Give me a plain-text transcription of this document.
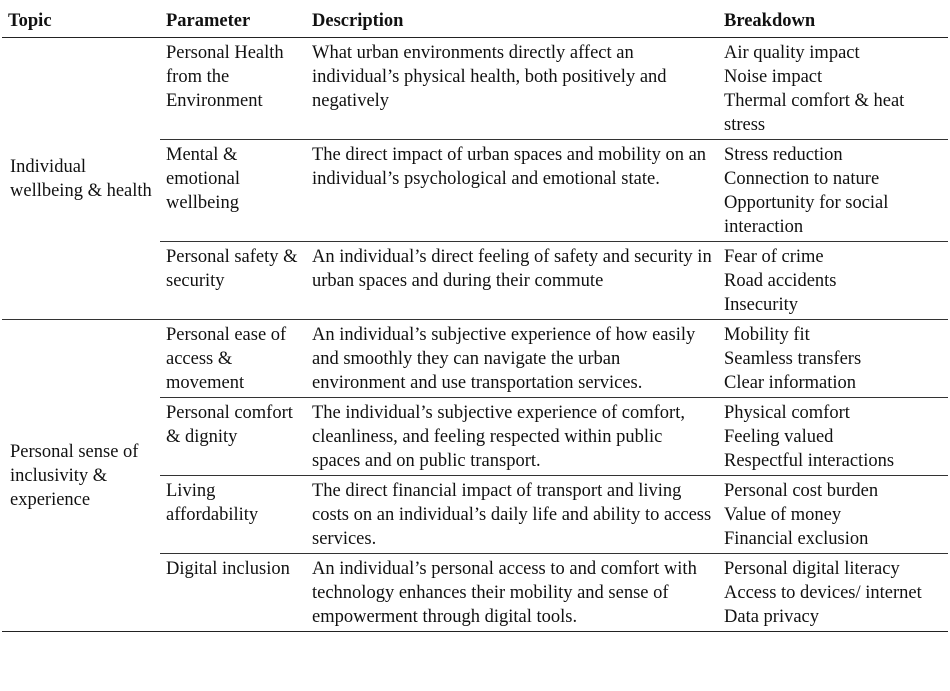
Topic	Parameter	Description	Breakdown
Individual wellbeing & health	Personal Health from the Environment	What urban environments directly affect an individual’s physical health, both positively and negatively	Air quality impact
Noise impact
Thermal comfort & heat stress

	Mental & emotional wellbeing	The direct impact of urban spaces and mobility on an individual’s psychological and emotional state.	Stress reduction
Connection to nature
Opportunity for social interaction

	Personal safety & security	An individual’s direct feeling of safety and security in urban spaces and during their commute	Fear of crime
Road accidents
Insecurity

Personal sense of inclusivity & experience	Personal ease of access & movement	An individual’s subjective experience of how easily and smoothly they can navigate the urban environment and use transportation services.	Mobility fit
Seamless transfers
Clear information

	Personal comfort & dignity	The individual’s subjective experience of comfort, cleanliness, and feeling respected within public spaces and on public transport.	Physical comfort
Feeling valued
Respectful interactions

	Living affordability	The direct financial impact of transport and living costs on an individual’s daily life and ability to access services.	Personal cost burden
Value of money
Financial exclusion

	Digital inclusion	An individual’s personal access to and comfort with technology enhances their mobility and sense of empowerment through digital tools.	Personal digital literacy
Access to devices/ internet
Data privacy
